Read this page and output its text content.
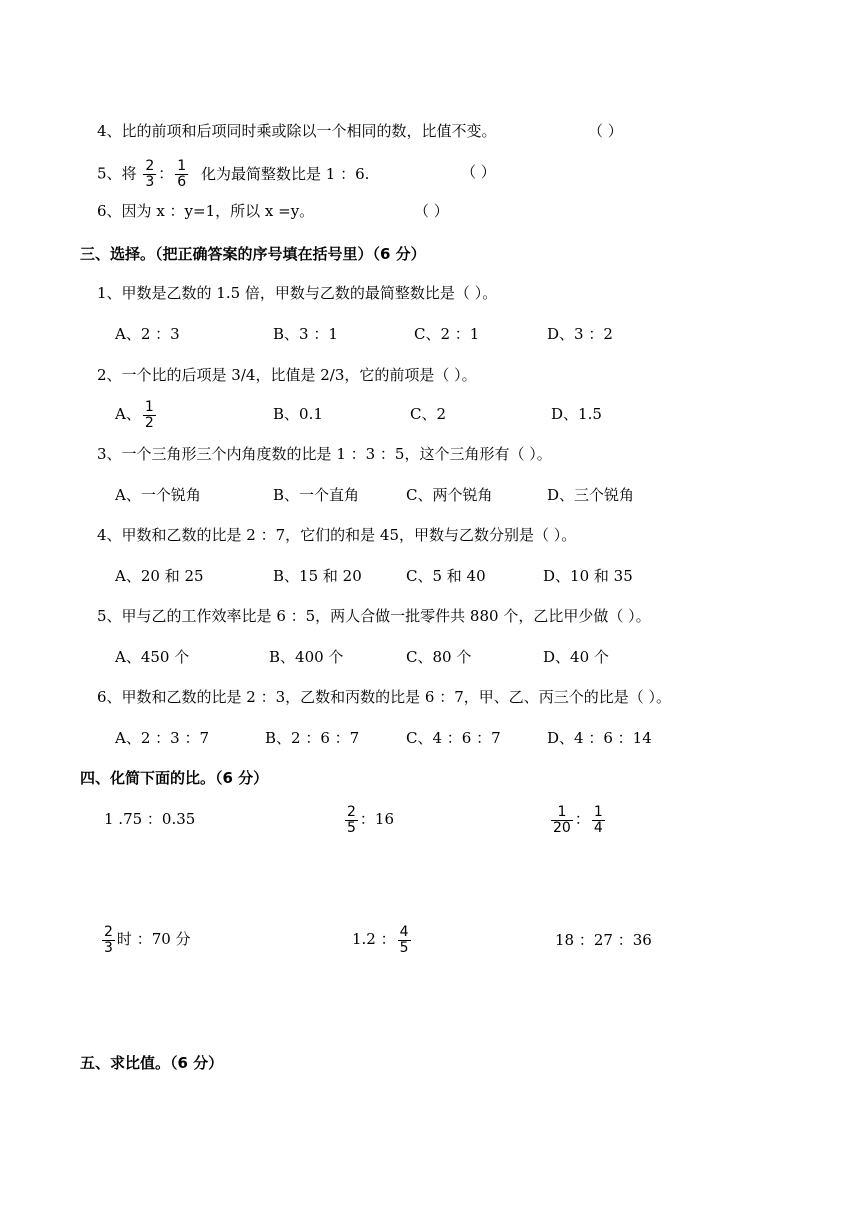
4、比的前项和后项同时乘或除以一个相同的数，比值不变。	（ ）
5、将 $\frac{2}{3}$ ： $\frac{1}{6}$ 化为最简整数比是 1 ：6.	（ ）
6、因为 x ：y=1，所以 x =y。	（ ）
三、选择。（把正确答案的序号填在括号里）（6 分）
1、甲数是乙数的 1.5 倍，甲数与乙数的最简整数比是（ ）。
A、2 ：3	B、3 ：1	C、2 ：1	D、3 ：2
2、一个比的后项是 3/4，比值是 2/3，它的前项是（ ）。
A、 $\frac{1}{2}$	B、0.1	C、2	D、1.5
3、一个三角形三个内角度数的比是 1 ：3 ：5，这个三角形有（ ）。
A、一个锐角	B、一个直角	C、两个锐角	D、三个锐角
4、甲数和乙数的比是 2 ：7，它们的和是 45，甲数与乙数分别是（ ）。
A、20 和 25	B、15 和 20	C、5 和 40	D、10 和 35
5、甲与乙的工作效率比是 6 ：5，两人合做一批零件共 880 个，乙比甲少做（ ）。
A、450 个	B、400 个	C、80 个	D、40 个
6、甲数和乙数的比是 2 ：3，乙数和丙数的比是 6 ：7，甲、乙、丙三个的比是（ ）。
A、2 ：3 ：7	B、2 ：6 ：7	C、4 ：6 ：7	D、4 ：6 ：14
四、化简下面的比。（6 分）
1 .75 ：0.35	$\frac{2}{5}$ ：16	$\frac{1}{20}$ ： $\frac{1}{4}$
$\frac{2}{3}$ 时 ：70 分	1.2 ： $\frac{4}{5}$	18 ：27 ：36
五、求比值。（6 分）
